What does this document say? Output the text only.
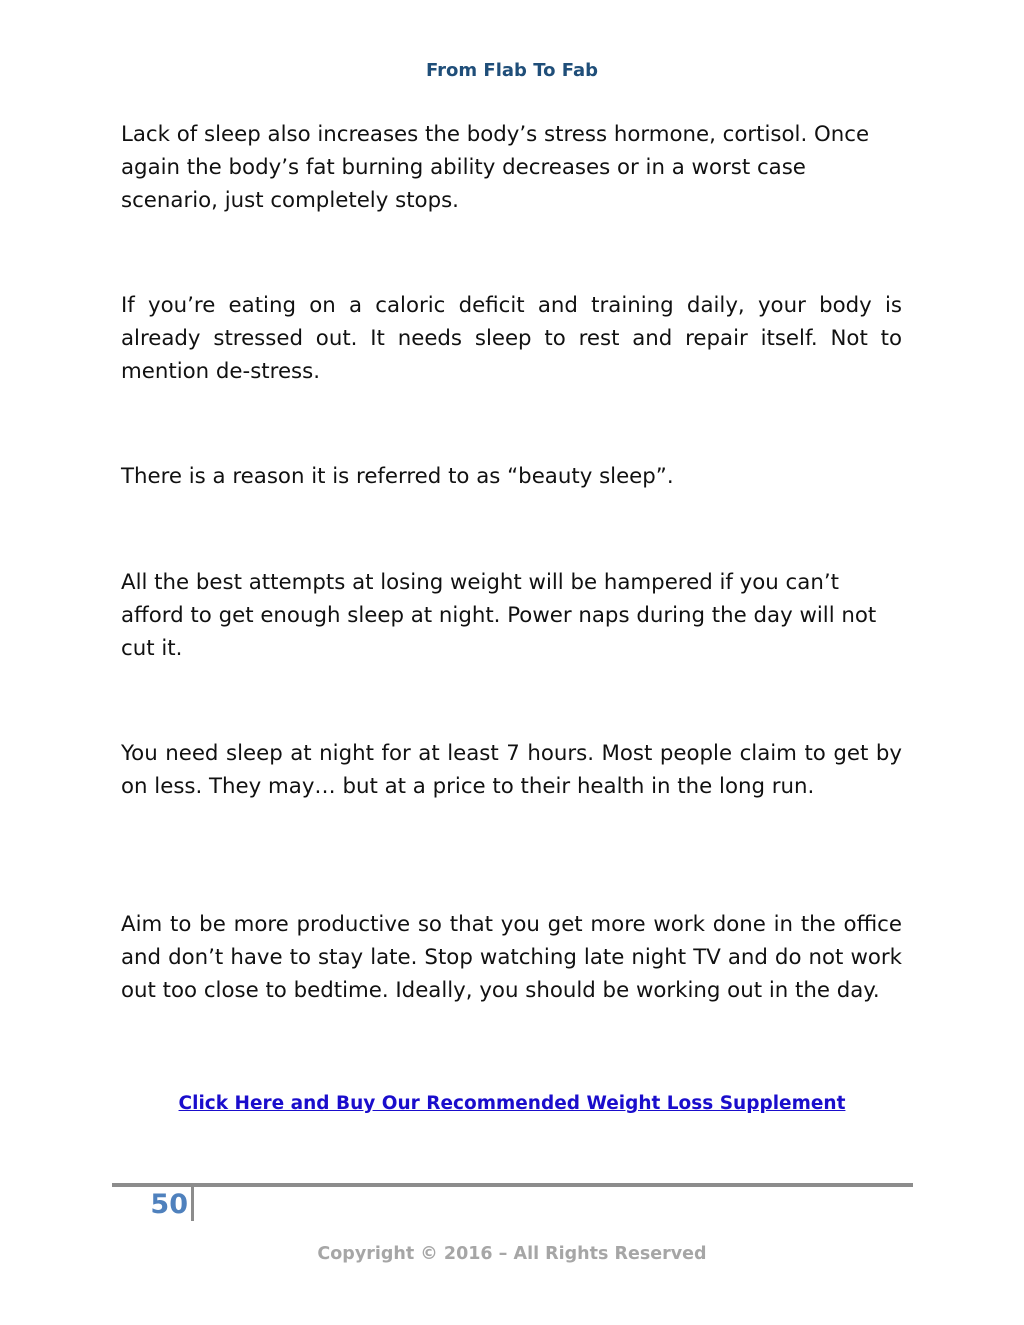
From Flab To Fab

Lack of sleep also increases the body’s stress hormone, cortisol. Once again the body’s fat burning ability decreases or in a worst case scenario, just completely stops.

If you’re eating on a caloric deficit and training daily, your body is already stressed out. It needs sleep to rest and repair itself. Not to mention de-stress.

There is a reason it is referred to as “beauty sleep”.

All the best attempts at losing weight will be hampered if you can’t afford to get enough sleep at night. Power naps during the day will not cut it.

You need sleep at night for at least 7 hours. Most people claim to get by on less. They may… but at a price to their health in the long run.

Aim to be more productive so that you get more work done in the office and don’t have to stay late. Stop watching late night TV and do not work out too close to bedtime. Ideally, you should be working out in the day.

Click Here and Buy Our Recommended Weight Loss Supplement
50
Copyright © 2016 – All Rights Reserved
